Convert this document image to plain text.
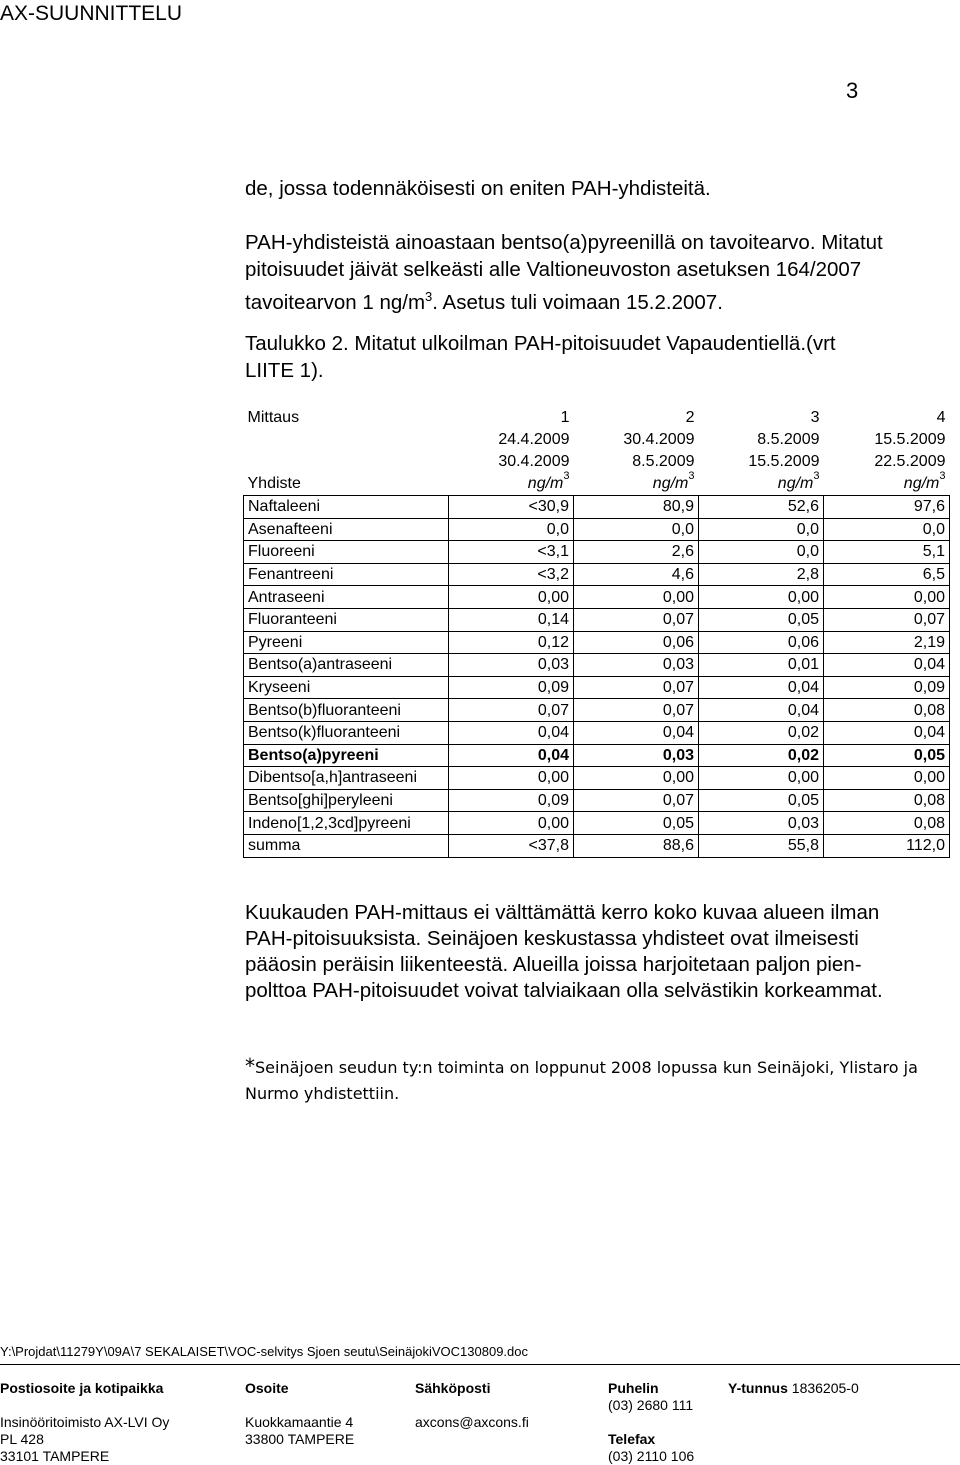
AX-SUUNNITTELU
3

de, jossa todennäköisesti on eniten PAH-yhdisteitä.

PAH-yhdisteistä ainoastaan bentso(a)pyreenillä on tavoitearvo. Mitatut
pitoisuudet jäivät selkeästi alle Valtioneuvoston asetuksen 164/2007
tavoitearvon 1 $ng/m^3$. Asetus tuli voimaan 15.2.2007.

Taulukko 2. Mitatut ulkoilman PAH-pitoisuudet Vapaudentiellä.(vrt
LIITE 1).

Mittaus	1	2	3	4
	24.4.2009	30.4.2009	8.5.2009	15.5.2009
	30.4.2009	8.5.2009	15.5.2009	22.5.2009
Yhdiste	$ng/m^3$	$ng/m^3$	$ng/m^3$	$ng/m^3$
Naftaleeni	<30,9	80,9	52,6	97,6
Asenafteeni	0,0	0,0	0,0	0,0
Fluoreeni	<3,1	2,6	0,0	5,1
Fenantreeni	<3,2	4,6	2,8	6,5
Antraseeni	0,00	0,00	0,00	0,00
Fluoranteeni	0,14	0,07	0,05	0,07
Pyreeni	0,12	0,06	0,06	2,19
Bentso(a)antraseeni	0,03	0,03	0,01	0,04
Kryseeni	0,09	0,07	0,04	0,09
Bentso(b)fluoranteeni	0,07	0,07	0,04	0,08
Bentso(k)fluoranteeni	0,04	0,04	0,02	0,04
Bentso(a)pyreeni	0,04	0,03	0,02	0,05
Dibentso[a,h]antraseeni	0,00	0,00	0,00	0,00
Bentso[ghi]peryleeni	0,09	0,07	0,05	0,08
Indeno[1,2,3cd]pyreeni	0,00	0,05	0,03	0,08
summa	<37,8	88,6	55,8	112,0

Kuukauden PAH-mittaus ei välttämättä kerro koko kuvaa alueen ilman
PAH-pitoisuuksista. Seinäjoen keskustassa yhdisteet ovat ilmeisesti
pääosin peräisin liikenteestä. Alueilla joissa harjoitetaan paljon pien-
polttoa PAH-pitoisuudet voivat talviaikaan olla selvästikin korkeammat.

*Seinäjoen seudun ty:n toiminta on loppunut 2008 lopussa kun Seinäjoki, Ylistaro ja
Nurmo yhdistettiin.
Y:\Projdat\11279Y\09A\7 SEKALAISET\VOC-selvitys Sjoen seutu\SeinäjokiVOC130809.doc
Postiosoite ja kotipaikka

Insinööritoimisto AX-LVI Oy
PL 428
33101 TAMPERE
Osoite

Kuokkamaantie 4
33800 TAMPERE
Sähköposti

axcons@axcons.fi
Puhelin
(03) 2680 111

Telefax
(03) 2110 106
Y-tunnus 1836205-0
